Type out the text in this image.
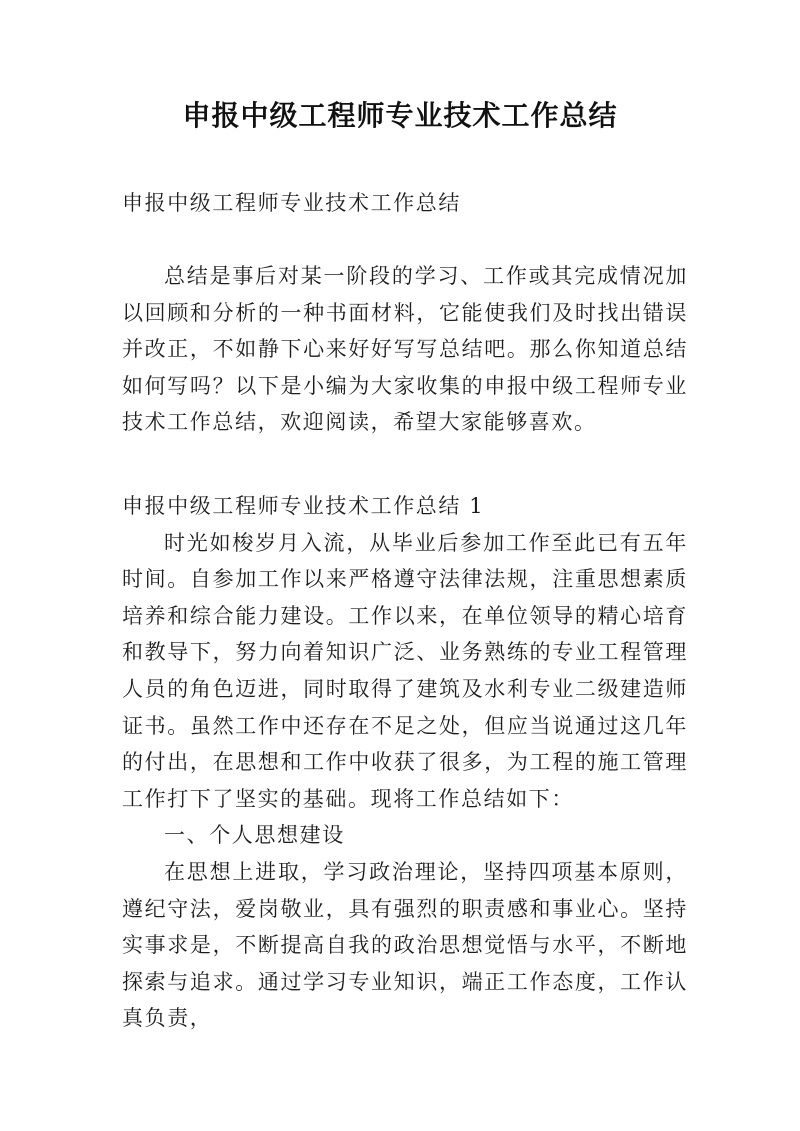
申报中级工程师专业技术工作总结

申报中级工程师专业技术工作总结

总结是事后对某一阶段的学习、工作或其完成情况加以回顾和分析的一种书面材料，它能使我们及时找出错误并改正，不如静下心来好好写写总结吧。那么你知道总结如何写吗？以下是小编为大家收集的申报中级工程师专业技术工作总结，欢迎阅读，希望大家能够喜欢。

申报中级工程师专业技术工作总结 1

时光如梭岁月入流，从毕业后参加工作至此已有五年时间。自参加工作以来严格遵守法律法规，注重思想素质培养和综合能力建设。工作以来，在单位领导的精心培育和教导下，努力向着知识广泛、业务熟练的专业工程管理人员的角色迈进，同时取得了建筑及水利专业二级建造师证书。虽然工作中还存在不足之处，但应当说通过这几年的付出，在思想和工作中收获了很多，为工程的施工管理工作打下了坚实的基础。现将工作总结如下：

一、个人思想建设

在思想上进取，学习政治理论，坚持四项基本原则，遵纪守法，爱岗敬业，具有强烈的职责感和事业心。坚持实事求是，不断提高自我的政治思想觉悟与水平，不断地探索与追求。通过学习专业知识，端正工作态度，工作认真负责，
